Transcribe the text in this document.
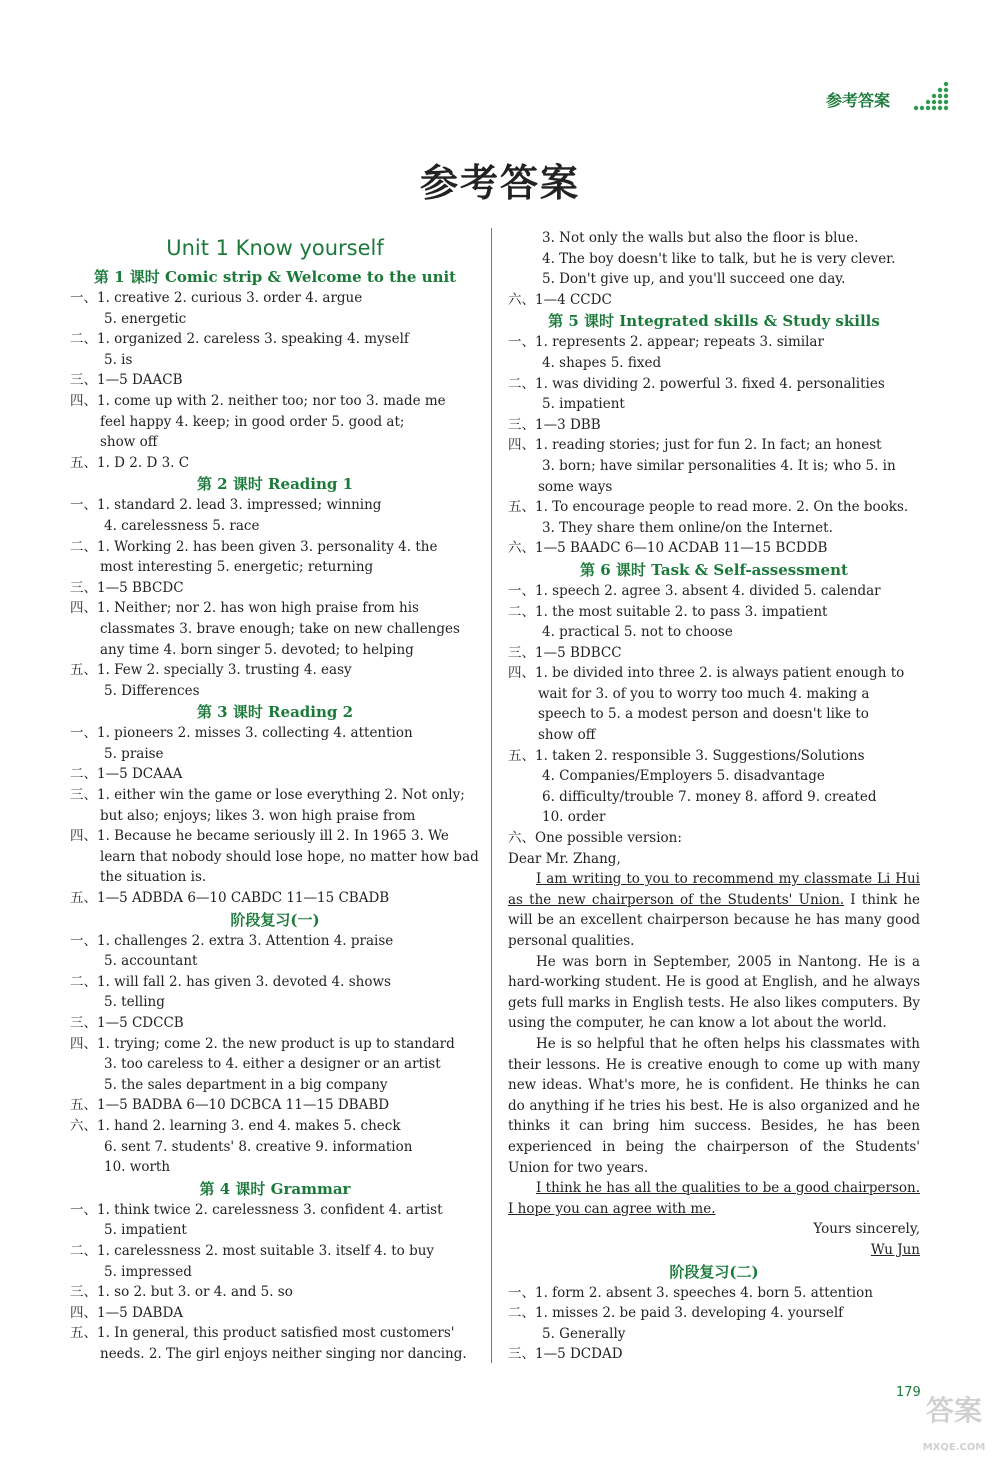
参考答案
参考答案
Unit 1 Know yourself
第 1 课时 Comic strip & Welcome to the unit
一、1. creative 2. curious 3. order 4. argue
5. energetic
二、1. organized 2. careless 3. speaking 4. myself
5. is
三、1—5 DAACB
四、1. come up with 2. neither too; nor too 3. made me
feel happy 4. keep; in good order 5. good at;
show off
五、1. D 2. D 3. C
第 2 课时 Reading 1
一、1. standard 2. lead 3. impressed; winning
4. carelessness 5. race
二、1. Working 2. has been given 3. personality 4. the
most interesting 5. energetic; returning
三、1—5 BBCDC
四、1. Neither; nor 2. has won high praise from his
classmates 3. brave enough; take on new challenges
any time 4. born singer 5. devoted; to helping
五、1. Few 2. specially 3. trusting 4. easy
5. Differences
第 3 课时 Reading 2
一、1. pioneers 2. misses 3. collecting 4. attention
5. praise
二、1—5 DCAAA
三、1. either win the game or lose everything 2. Not only;
but also; enjoys; likes 3. won high praise from
四、1. Because he became seriously ill 2. In 1965 3. We
learn that nobody should lose hope, no matter how bad
the situation is.
五、1—5 ADBDA 6—10 CABDC 11—15 CBADB
阶段复习(一)
一、1. challenges 2. extra 3. Attention 4. praise
5. accountant
二、1. will fall 2. has given 3. devoted 4. shows
5. telling
三、1—5 CDCCB
四、1. trying; come 2. the new product is up to standard
3. too careless to 4. either a designer or an artist
5. the sales department in a big company
五、1—5 BADBA 6—10 DCBCA 11—15 DBABD
六、1. hand 2. learning 3. end 4. makes 5. check
6. sent 7. students' 8. creative 9. information
10. worth
第 4 课时 Grammar
一、1. think twice 2. carelessness 3. confident 4. artist
5. impatient
二、1. carelessness 2. most suitable 3. itself 4. to buy
5. impressed
三、1. so 2. but 3. or 4. and 5. so
四、1—5 DABDA
五、1. In general, this product satisfied most customers'
needs. 2. The girl enjoys neither singing nor dancing.
3. Not only the walls but also the floor is blue.
4. The boy doesn't like to talk, but he is very clever.
5. Don't give up, and you'll succeed one day.
六、1—4 CCDC
第 5 课时 Integrated skills & Study skills
一、1. represents 2. appear; repeats 3. similar
4. shapes 5. fixed
二、1. was dividing 2. powerful 3. fixed 4. personalities
5. impatient
三、1—3 DBB
四、1. reading stories; just for fun 2. In fact; an honest
3. born; have similar personalities 4. It is; who 5. in
some ways
五、1. To encourage people to read more. 2. On the books.
3. They share them online/on the Internet.
六、1—5 BAADC 6—10 ACDAB 11—15 BCDDB
第 6 课时 Task & Self-assessment
一、1. speech 2. agree 3. absent 4. divided 5. calendar
二、1. the most suitable 2. to pass 3. impatient
4. practical 5. not to choose
三、1—5 BDBCC
四、1. be divided into three 2. is always patient enough to
wait for 3. of you to worry too much 4. making a
speech to 5. a modest person and doesn't like to
show off
五、1. taken 2. responsible 3. Suggestions/Solutions
4. Companies/Employers 5. disadvantage
6. difficulty/trouble 7. money 8. afford 9. created
10. order
六、One possible version:
Dear Mr. Zhang,

I am writing to you to recommend my classmate Li Hui as the new chairperson of the Students' Union. I think he will be an excellent chairperson because he has many good personal qualities.

He was born in September, 2005 in Nantong. He is a hard-working student. He is good at English, and he always gets full marks in English tests. He also likes computers. By using the computer, he can know a lot about the world.

He is so helpful that he often helps his classmates with their lessons. He is creative enough to come up with many new ideas. What's more, he is confident. He thinks he can do anything if he tries his best. He is also organized and he thinks it can bring him success. Besides, he has been experienced in being the chairperson of the Students' Union for two years.

I think he has all the qualities to be a good chairperson. I hope you can agree with me.

Yours sincerely,
Wu Jun
阶段复习(二)
一、1. form 2. absent 3. speeches 4. born 5. attention
二、1. misses 2. be paid 3. developing 4. yourself
5. Generally
三、1—5 DCDAD
179
答案
MXQE.COM
